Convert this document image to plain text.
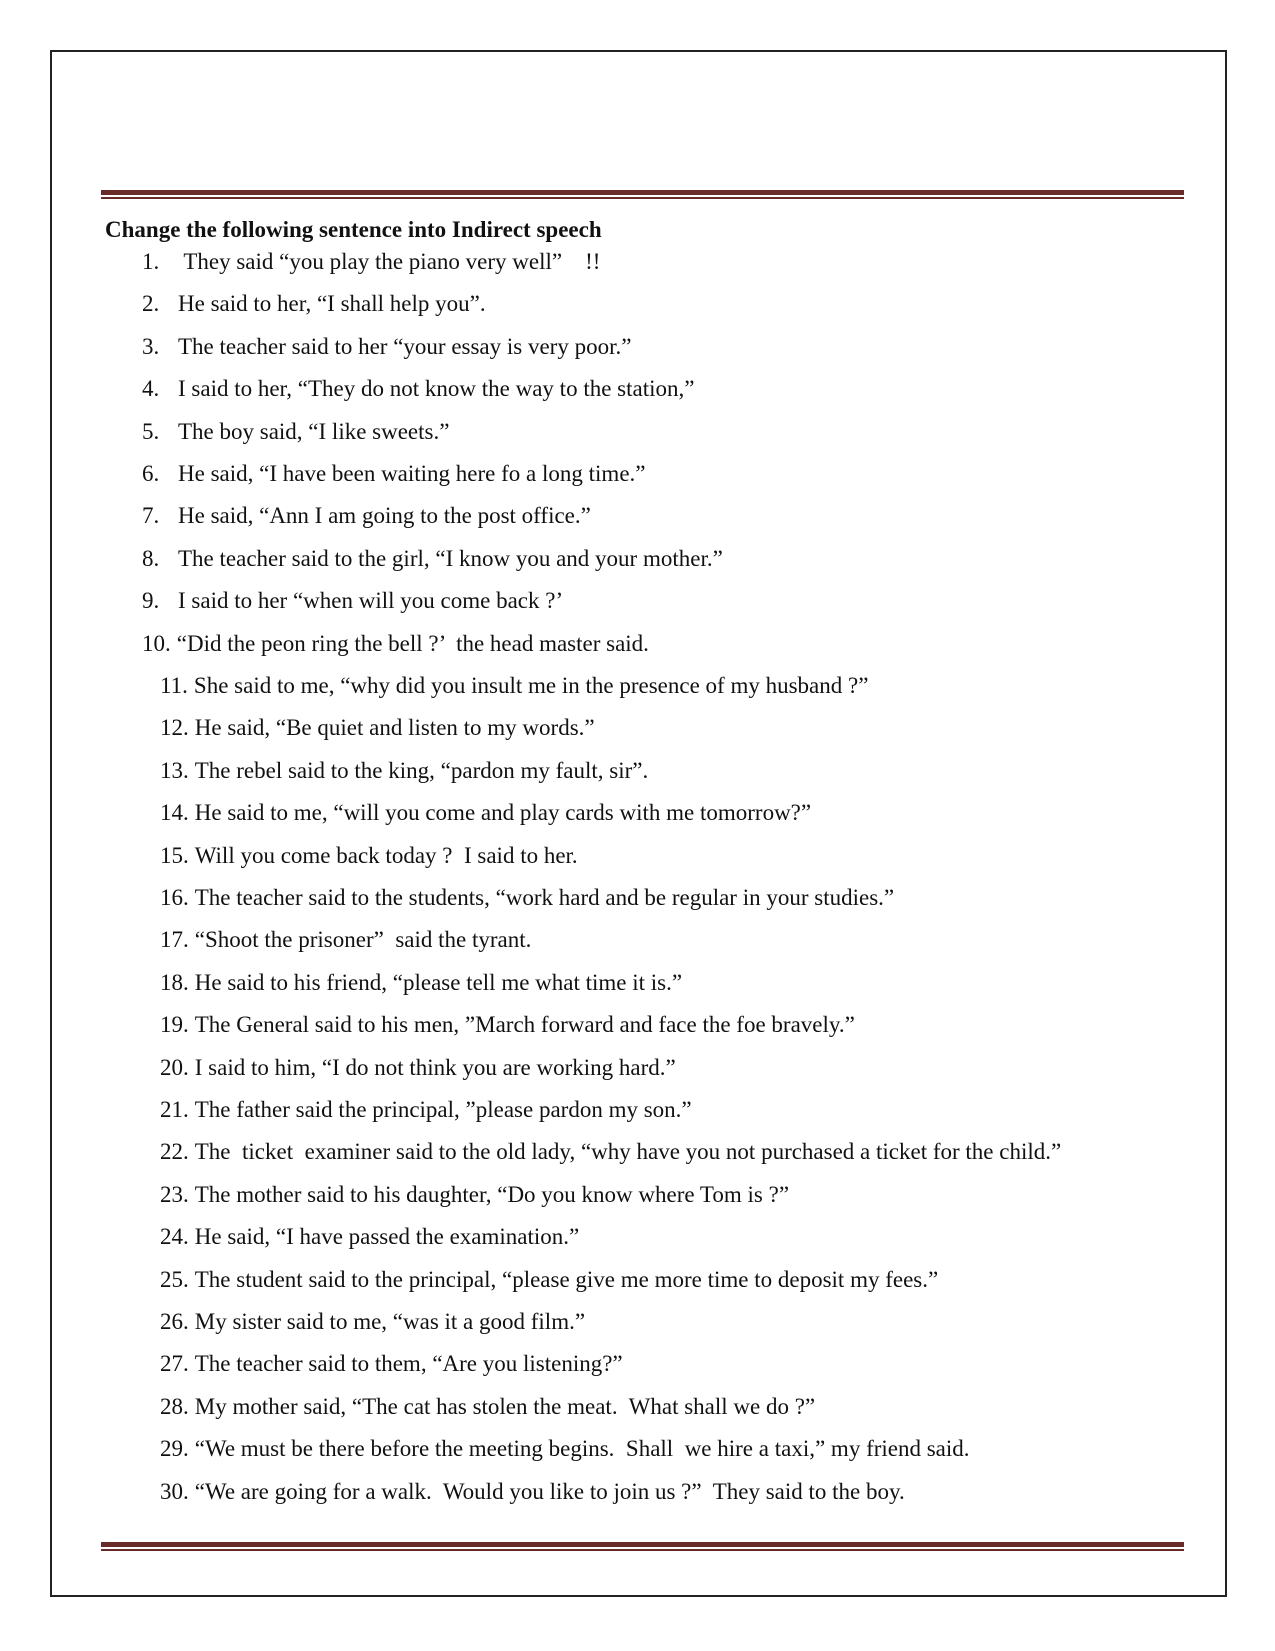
Change the following sentence into Indirect speech
1. They said “you play the piano very well”    !!
2. He said to her, “I shall help you”.
3. The teacher said to her “your essay is very poor.”
4. I said to her, “They do not know the way to the station,”
5. The boy said, “I like sweets.”
6. He said, “I have been waiting here fo a long time.”
7. He said, “Ann I am going to the post office.”
8. The teacher said to the girl, “I know you and your mother.”
9. I said to her “when will you come back ?’
10. “Did the peon ring the bell ?’  the head master said.
11. She said to me, “why did you insult me in the presence of my husband ?”
12. He said, “Be quiet and listen to my words.”
13. The rebel said to the king, “pardon my fault, sir”.
14. He said to me, “will you come and play cards with me tomorrow?”
15. Will you come back today ?  I said to her.
16. The teacher said to the students, “work hard and be regular in your studies.”
17. “Shoot the prisoner”  said the tyrant.
18. He said to his friend, “please tell me what time it is.”
19. The General said to his men, ”March forward and face the foe bravely.”
20. I said to him, “I do not think you are working hard.”
21. The father said the principal, ”please pardon my son.”
22. The  ticket  examiner said to the old lady, “why have you not purchased a ticket for the child.”
23. The mother said to his daughter, “Do you know where Tom is ?”
24. He said, “I have passed the examination.”
25. The student said to the principal, “please give me more time to deposit my fees.”
26. My sister said to me, “was it a good film.”
27. The teacher said to them, “Are you listening?”
28. My mother said, “The cat has stolen the meat.  What shall we do ?”
29. “We must be there before the meeting begins.  Shall  we hire a taxi,” my friend said.
30. “We are going for a walk.  Would you like to join us ?”  They said to the boy.
